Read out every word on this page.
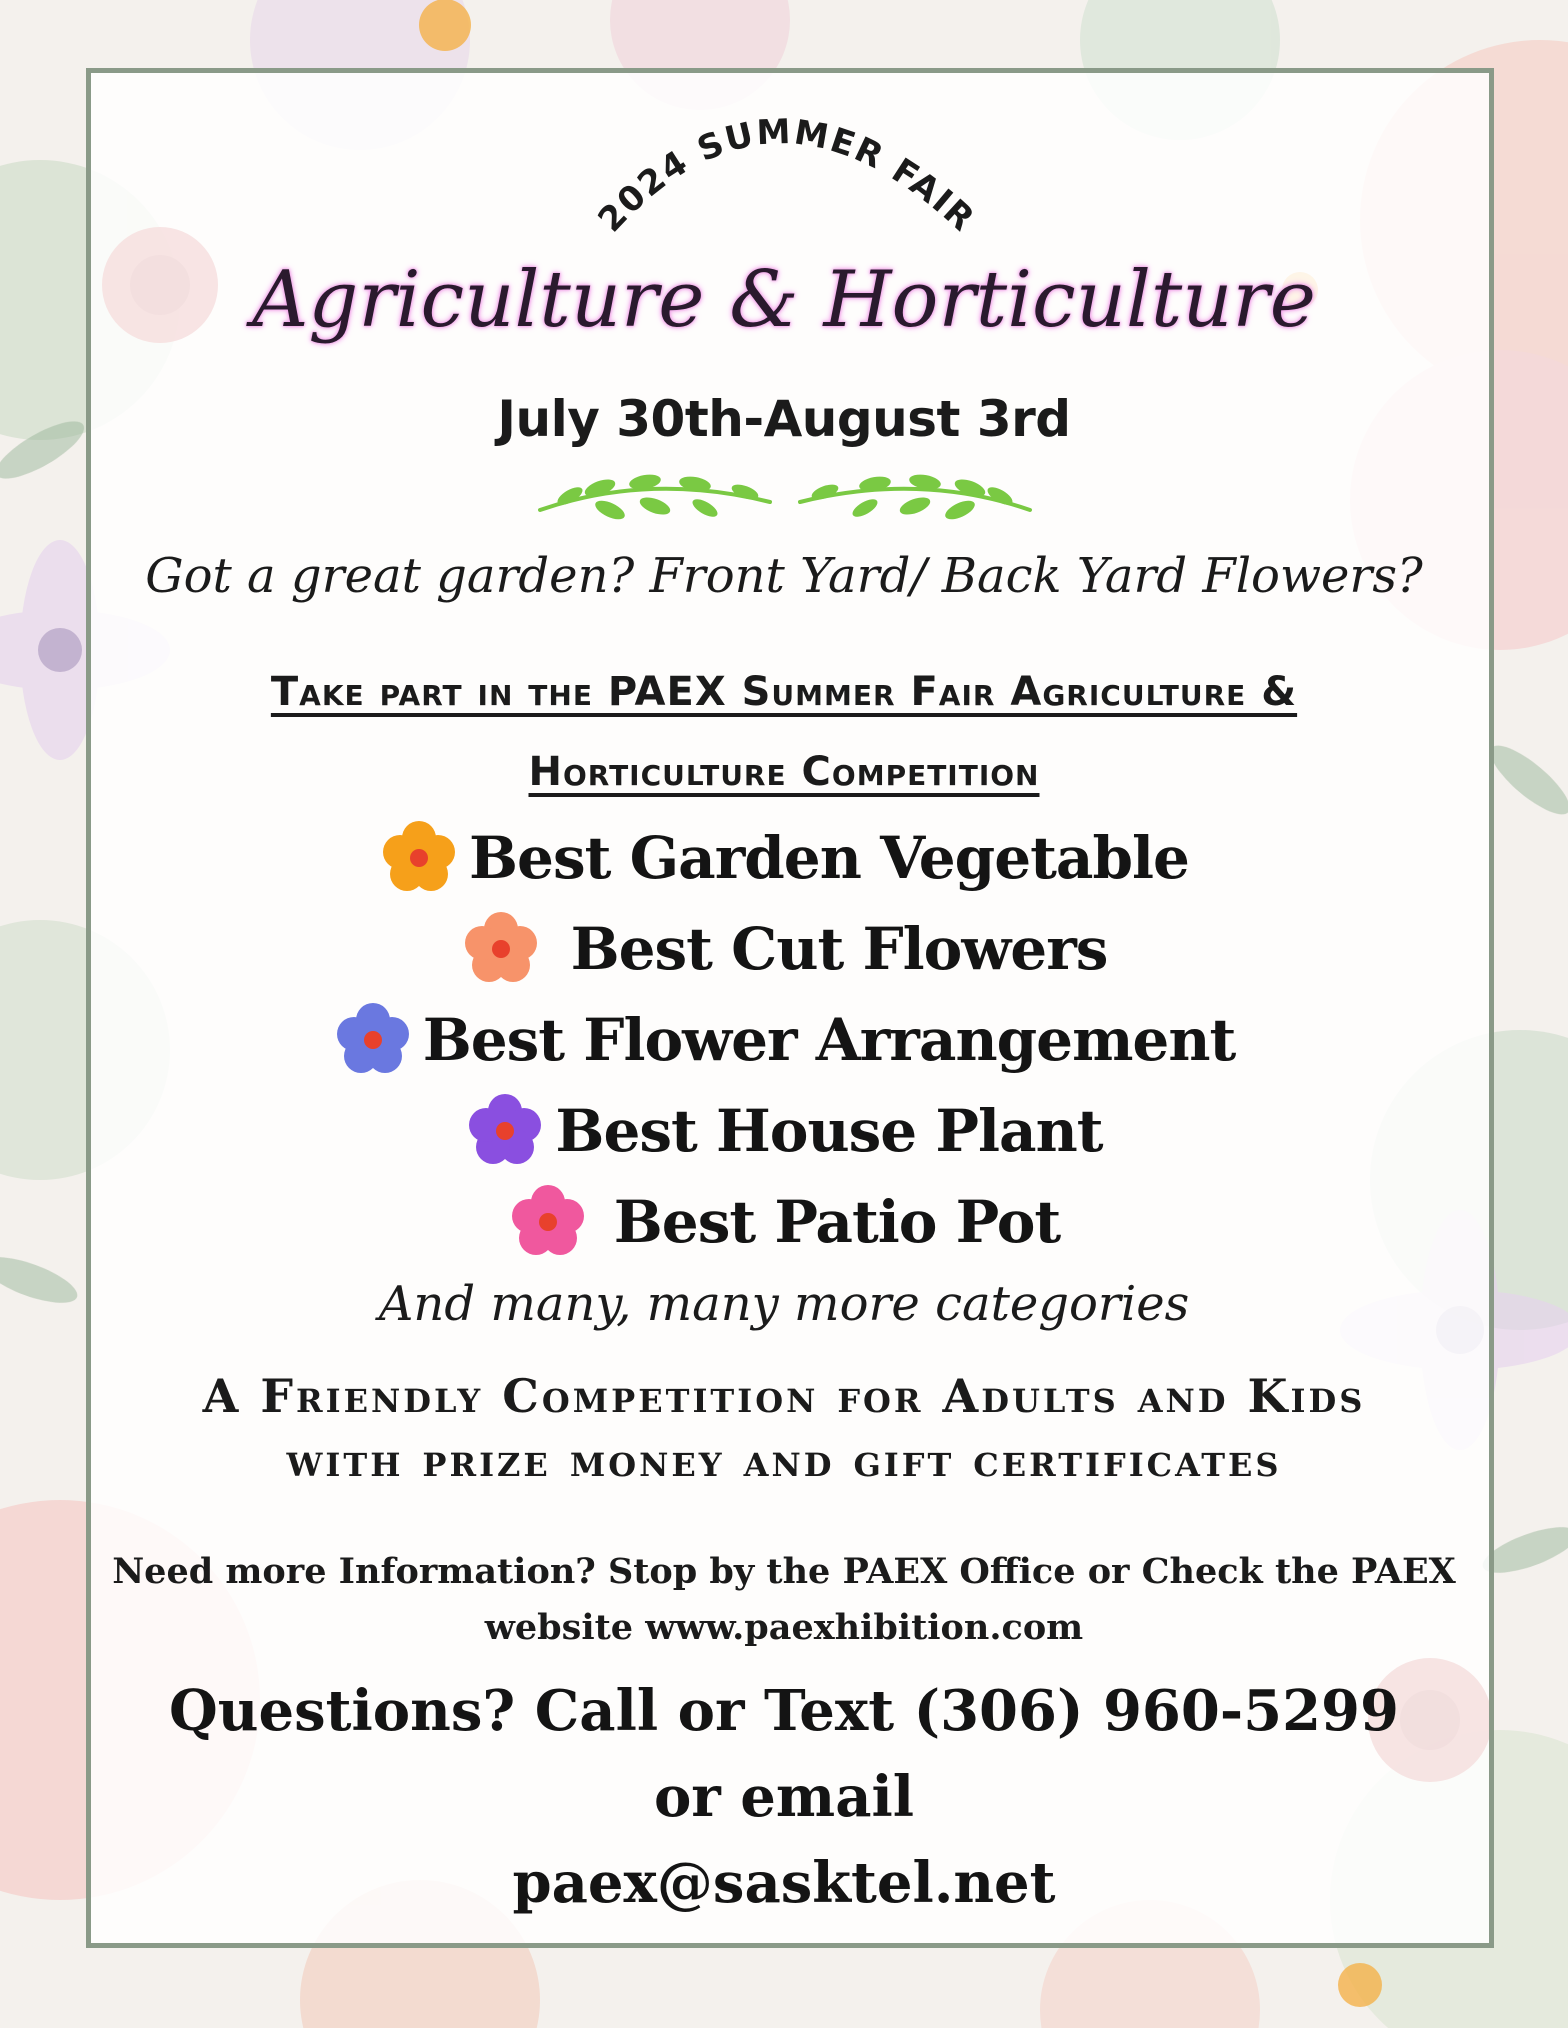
2024 SUMMER FAIR
Agriculture & Horticulture
July 30th-August 3rd
Got a great garden? Front Yard/ Back Yard Flowers?
Take part in the PAEX Summer Fair Agriculture &
Horticulture Competition
Best Garden Vegetable
Best Cut Flowers
Best Flower Arrangement
Best House Plant
Best Patio Pot
And many, many more categories
A Friendly Competition for Adults and Kids
with prize money and gift certificates
Need more Information? Stop by the PAEX Office or Check the PAEX
website www.paexhibition.com
Questions? Call or Text (306) 960-5299
or email
paex@sasktel.net
